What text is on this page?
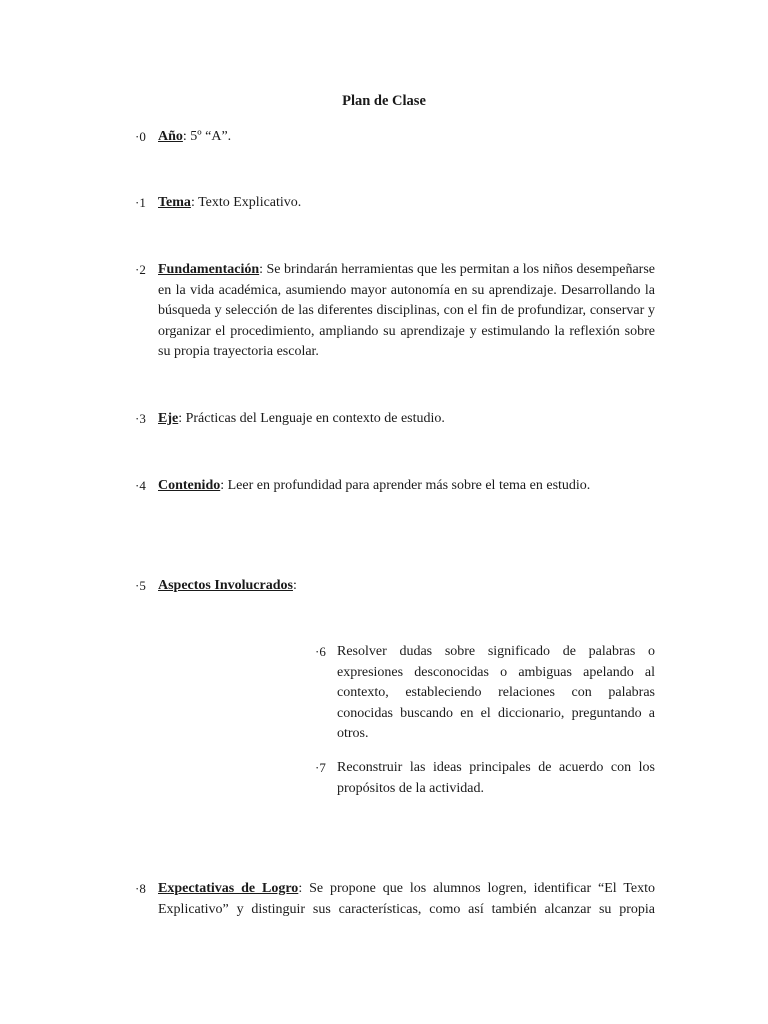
Plan de Clase
·0 Año: 5º “A”.
·1 Tema: Texto Explicativo.
·2 Fundamentación: Se brindarán herramientas que les permitan a los niños desempeñarse en la vida académica, asumiendo mayor autonomía en su aprendizaje. Desarrollando la búsqueda y selección de las diferentes disciplinas, con el fin de profundizar, conservar y organizar el procedimiento, ampliando su aprendizaje y estimulando la reflexión sobre su propia trayectoria escolar.
·3 Eje: Prácticas del Lenguaje en contexto de estudio.
·4 Contenido: Leer en profundidad para aprender más sobre el tema en estudio.
·5 Aspectos Involucrados:
·6 Resolver dudas sobre significado de palabras o expresiones desconocidas o ambiguas apelando al contexto, estableciendo relaciones con palabras conocidas buscando en el diccionario, preguntando a otros.
·7 Reconstruir las ideas principales de acuerdo con los propósitos de la actividad.
·8 Expectativas de Logro: Se propone que los alumnos logren, identificar “El Texto Explicativo” y distinguir sus características, como así también alcanzar su propia
